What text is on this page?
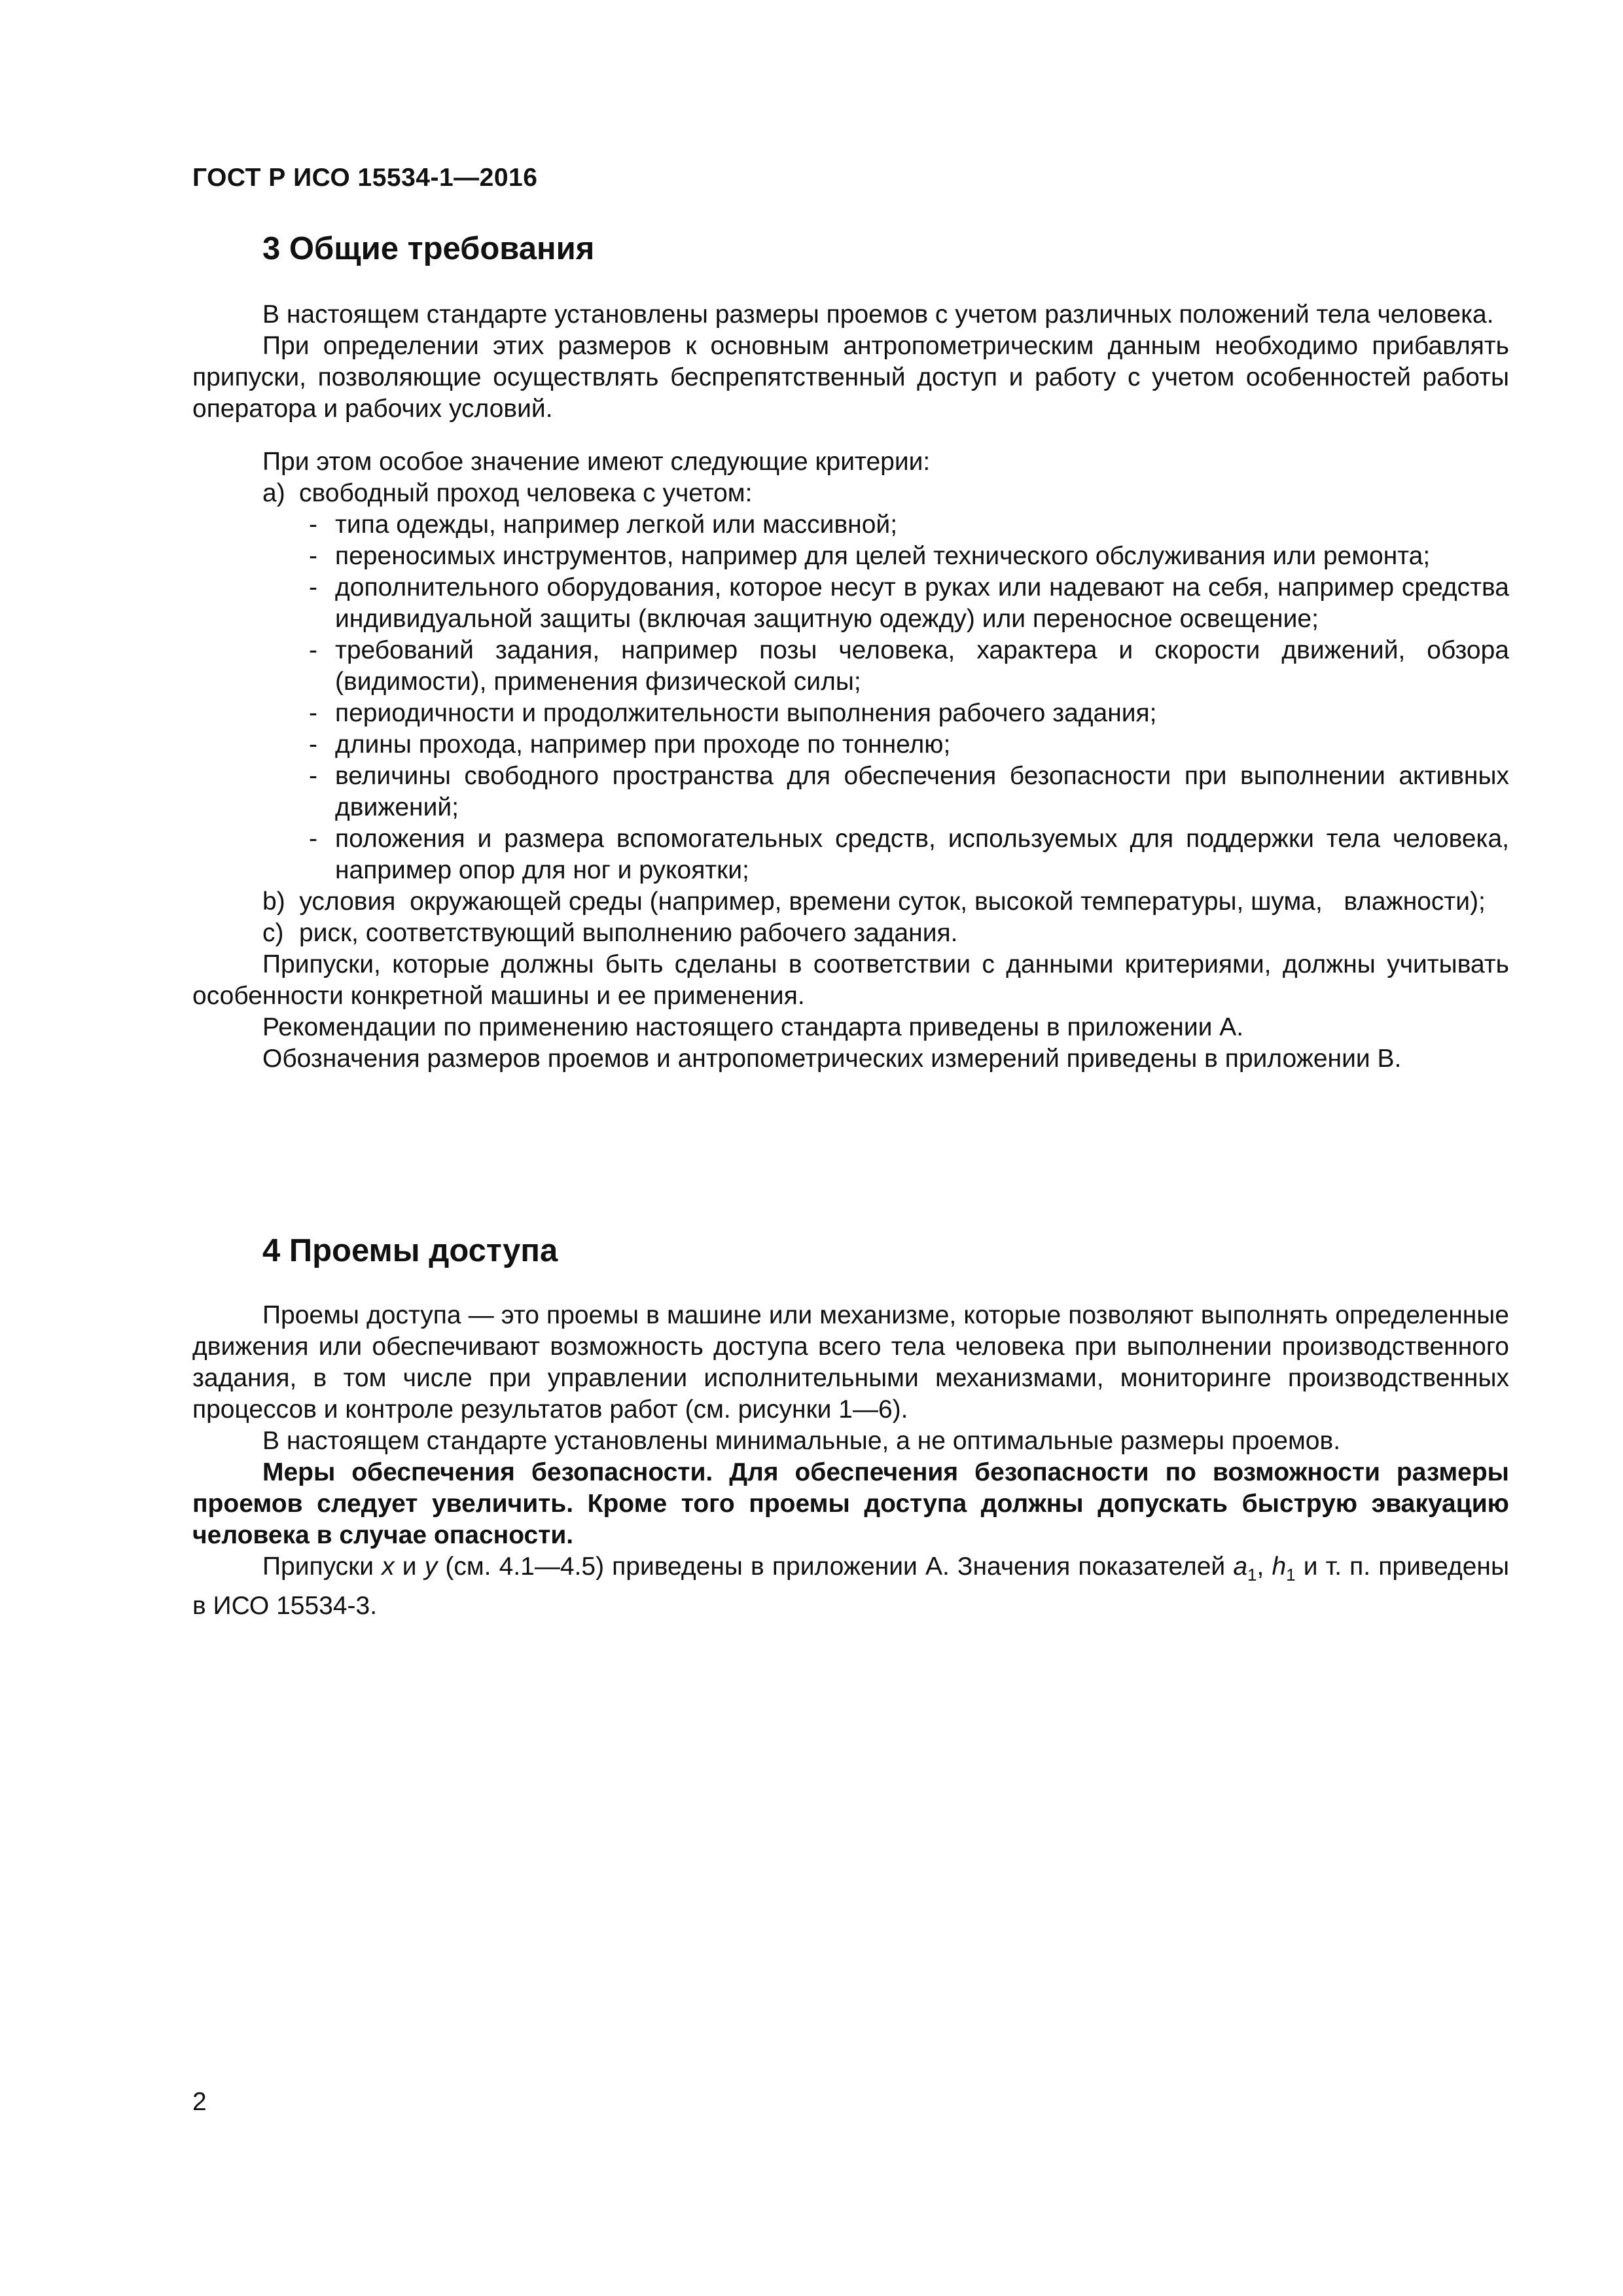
ГОСТ Р ИСО 15534-1—2016
3 Общие требования

В настоящем стандарте установлены размеры проемов с учетом различных положений тела человека.

При определении этих размеров к основным антропометрическим данным необходимо прибавлять припуски, позволяющие осуществлять беспрепятственный доступ и работу с учетом особенностей работы оператора и рабочих условий.

При этом особое значение имеют следующие критерии:

а) свободный проход человека с учетом:
- типа одежды, например легкой или массивной;
- переносимых инструментов, например для целей технического обслуживания или ремонта;
- дополнительного оборудования, которое несут в руках или надевают на себя, например средства индивидуальной защиты (включая защитную одежду) или переносное освещение;
- требований задания, например позы человека, характера и скорости движений, обзора (видимости), применения физической силы;
- периодичности и продолжительности выполнения рабочего задания;
- длины прохода, например при проходе по тоннелю;
- величины свободного пространства для обеспечения безопасности при выполнении активных движений;
- положения и размера вспомогательных средств, используемых для поддержки тела человека, например опор для ног и рукоятки;

b)  условия  окружающей среды (например, времени суток, высокой температуры, шума,   влажности);

с) риск, соответствующий выполнению рабочего задания.

Припуски, которые должны быть сделаны в соответствии с данными критериями, должны учитывать особенности конкретной машины и ее применения.

Рекомендации по применению настоящего стандарта приведены в приложении А.

Обозначения размеров проемов и антропометрических измерений приведены в приложении В.

4 Проемы доступа

Проемы доступа — это проемы в машине или механизме, которые позволяют выполнять определенные движения или обеспечивают возможность доступа всего тела человека при выполнении производственного задания, в том числе при управлении исполнительными механизмами, мониторинге производственных процессов и контроле результатов работ (см. рисунки 1—6).

В настоящем стандарте установлены минимальные, а не оптимальные размеры проемов.

Меры обеспечения безопасности. Для обеспечения безопасности по возможности размеры проемов следует увеличить. Кроме того проемы доступа должны допускать быструю эвакуацию человека в случае опасности.

Припуски x и y (см. 4.1—4.5) приведены в приложении А. Значения показателей $a_1$, $h_1$ и т. п. приведены в ИСО 15534-3.

2
